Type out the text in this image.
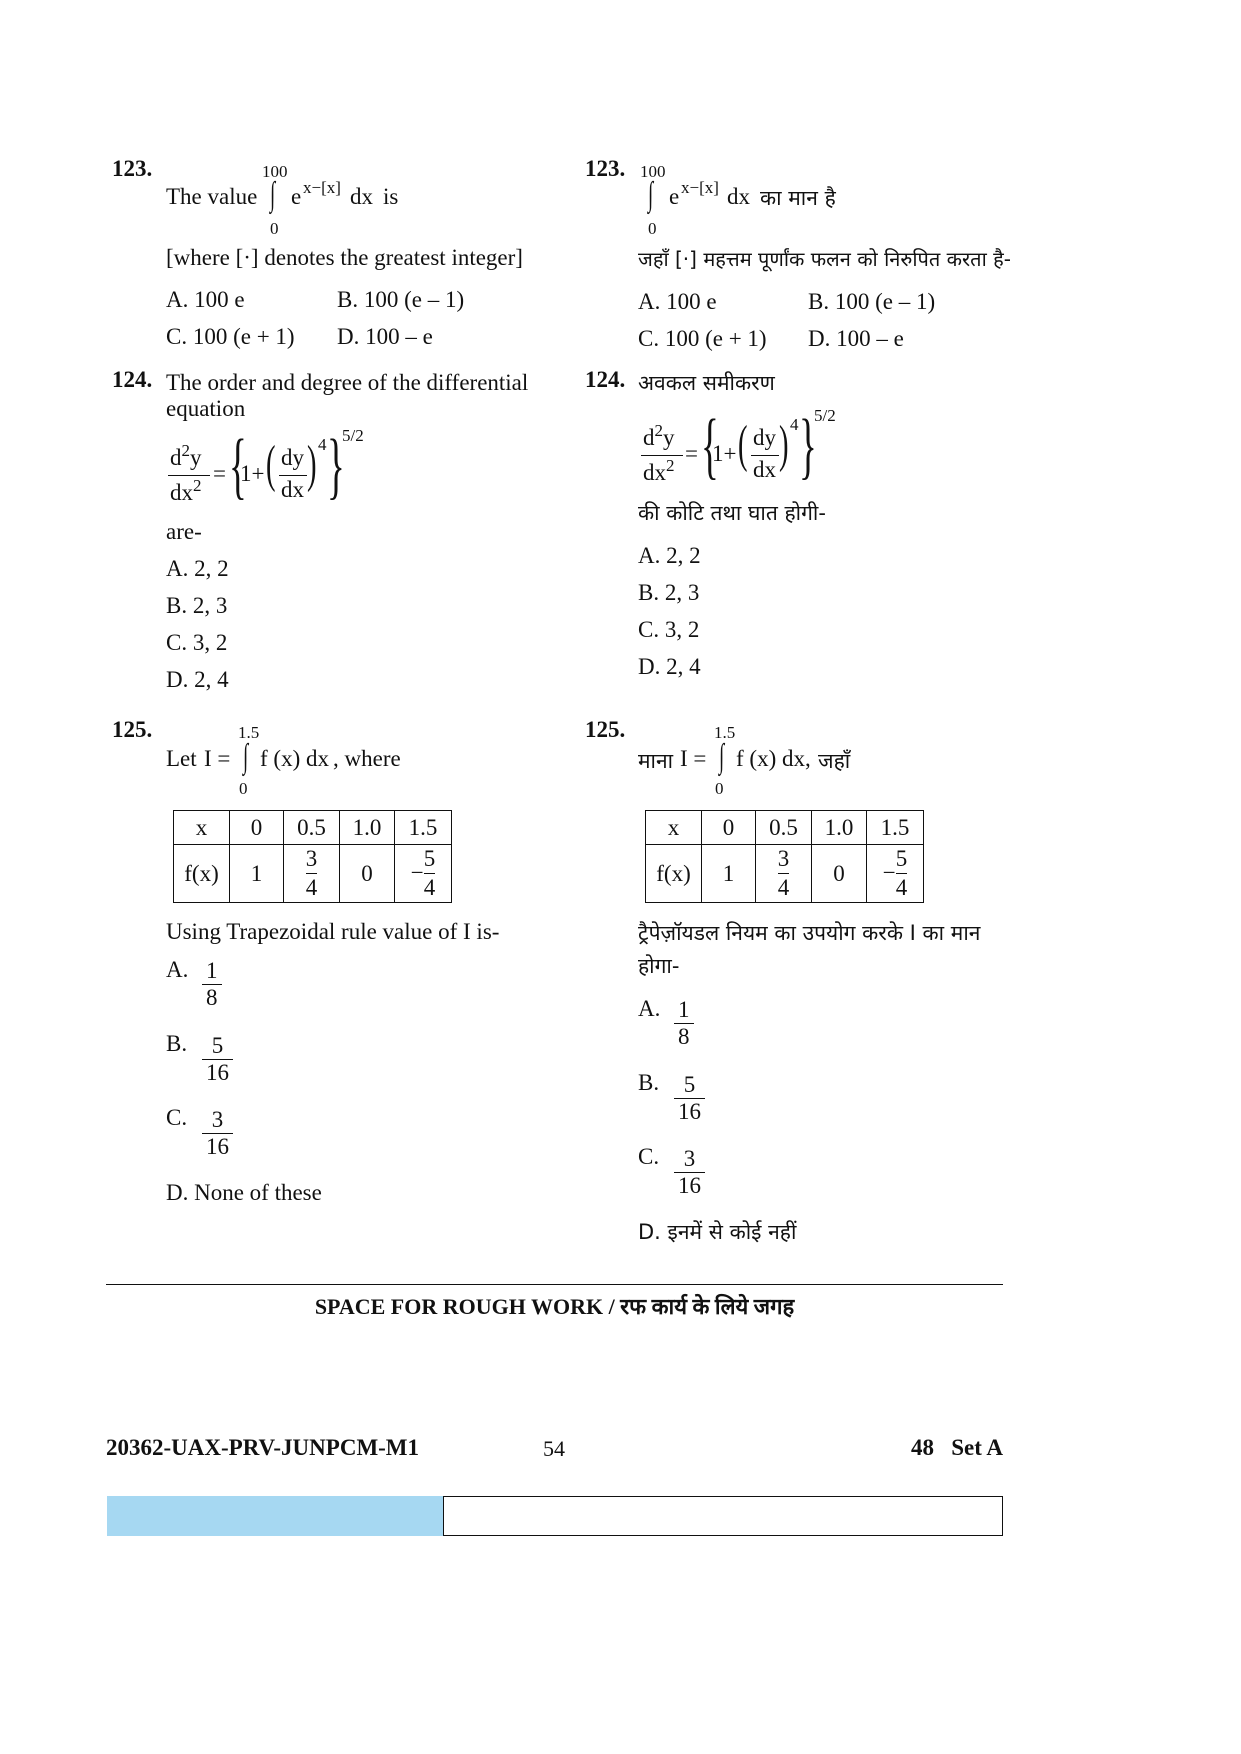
123.
The value
100
∫
0
e x−[x] dx is
[where [·] denotes the greatest integer]
A. 100 e	B. 100 (e – 1)
C. 100 (e + 1) D. 100 – e
124. The order and degree of the differential
equation
$d^2y$
$dx^2$ = {
1+ ( dy
dx ) 4 }
5/2
are-
A. 2, 2
B. 2, 3
C. 3, 2
D. 2, 4
125.
Let I =
1.5
∫
0
f (x) dx , where
x	0	0.5	1.0	1.5
f(x)	1	$\frac{3}{4}$	0	− $\frac{5}{4}$
Using Trapezoidal rule value of I is-
A. $\frac{1}{8}$
B. $\frac{5}{16}$
C. $\frac{3}{16}$
D. None of these
123. 100
∫
0
e x−[x] dx का मान है
जहाँ [·] महत्तम पूर्णांक फलन को निरुपित करता है-
A. 100 e	B. 100 (e – 1)
C. 100 (e + 1) D. 100 – e
124. अवकल समीकरण
$d^2y$
$dx^2$ = {
1+ ( dy
dx ) 4 }
5/2
की कोटि तथा घात होगी-
A. 2, 2
B. 2, 3
C. 3, 2
D. 2, 4
125.
माना I =
1.5
∫
0
f (x) dx, जहाँ
x	0	0.5	1.0	1.5
f(x)	1	$\frac{3}{4}$	0	− $\frac{5}{4}$
ट्रैपेज़ॉयडल नियम का उपयोग करके I का मान
होगा-
A. $\frac{1}{8}$
B. $\frac{5}{16}$
C. $\frac{3}{16}$
D. इनमें से कोई नहीं
SPACE FOR ROUGH WORK / रफ कार्य के लिये जगह
20362-UAX-PRV-JUNPCM-M1	54	48   Set A
